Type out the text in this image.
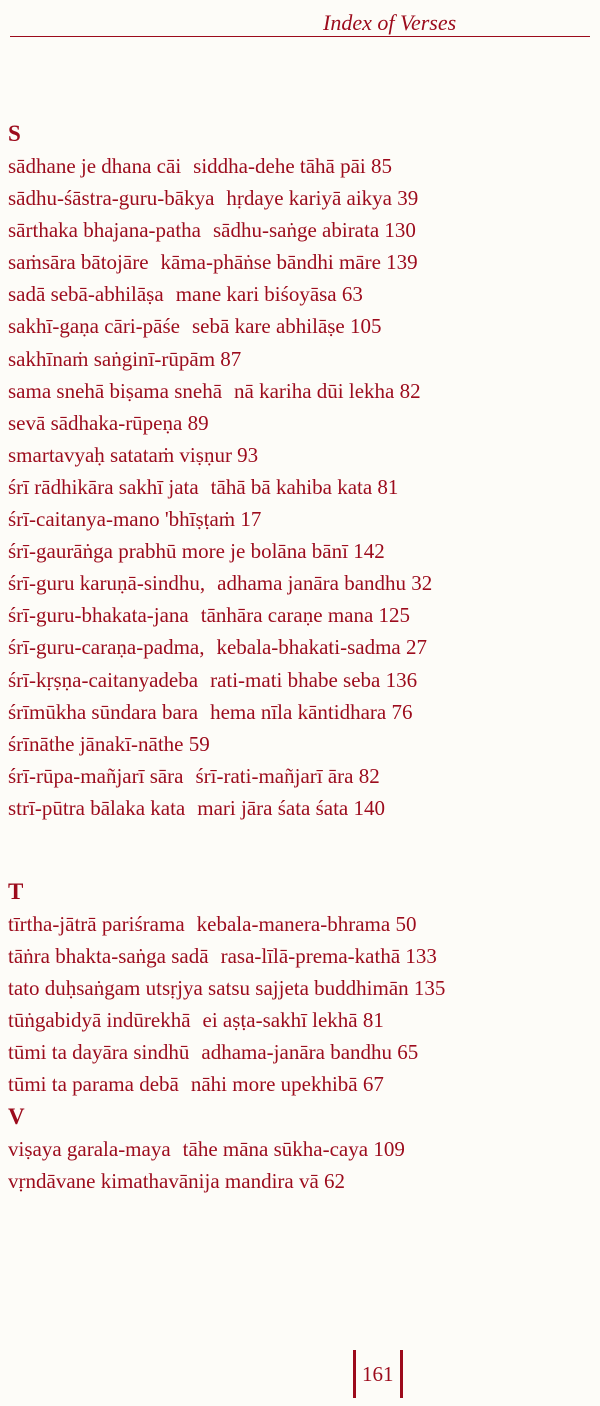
Index of Verses
S
sādhane je dhana cāi siddha-dehe tāhā pāi 85
sādhu-śāstra-guru-bākya hṛdaye kariyā aikya 39
sārthaka bhajana-patha sādhu-saṅge abirata 130
saṁsāra bātojāre kāma-phāṅse bāndhi māre 139
sadā sebā-abhilāṣa mane kari biśoyāsa 63
sakhī-gaṇa cāri-pāśe sebā kare abhilāṣe 105
sakhīnaṁ saṅginī-rūpām 87
sama snehā biṣama snehā nā kariha dūi lekha 82
sevā sādhaka-rūpeṇa 89
smartavyaḥ satataṁ viṣṇur 93
śrī rādhikāra sakhī jata tāhā bā kahiba kata 81
śrī-caitanya-mano 'bhīṣṭaṁ 17
śrī-gaurāṅga prabhū more je bolāna bānī 142
śrī-guru karuṇā-sindhu, adhama janāra bandhu 32
śrī-guru-bhakata-jana tānhāra caraṇe mana 125
śrī-guru-caraṇa-padma, kebala-bhakati-sadma 27
śrī-kṛṣṇa-caitanyadeba rati-mati bhabe seba 136
śrīmūkha sūndara bara hema nīla kāntidhara 76
śrīnāthe jānakī-nāthe 59
śrī-rūpa-mañjarī sāra śrī-rati-mañjarī āra 82
strī-pūtra bālaka kata mari jāra śata śata 140
T
tīrtha-jātrā pariśrama kebala-manera-bhrama 50
tāṅra bhakta-saṅga sadā rasa-līlā-prema-kathā 133
tato duḥsaṅgam utsṛjya satsu sajjeta buddhimān 135
tūṅgabidyā indūrekhā ei aṣṭa-sakhī lekhā 81
tūmi ta dayāra sindhū adhama-janāra bandhu 65
tūmi ta parama debā nāhi more upekhibā 67
V
viṣaya garala-maya tāhe māna sūkha-caya 109
vṛndāvane kimathavānija mandira vā 62
161
